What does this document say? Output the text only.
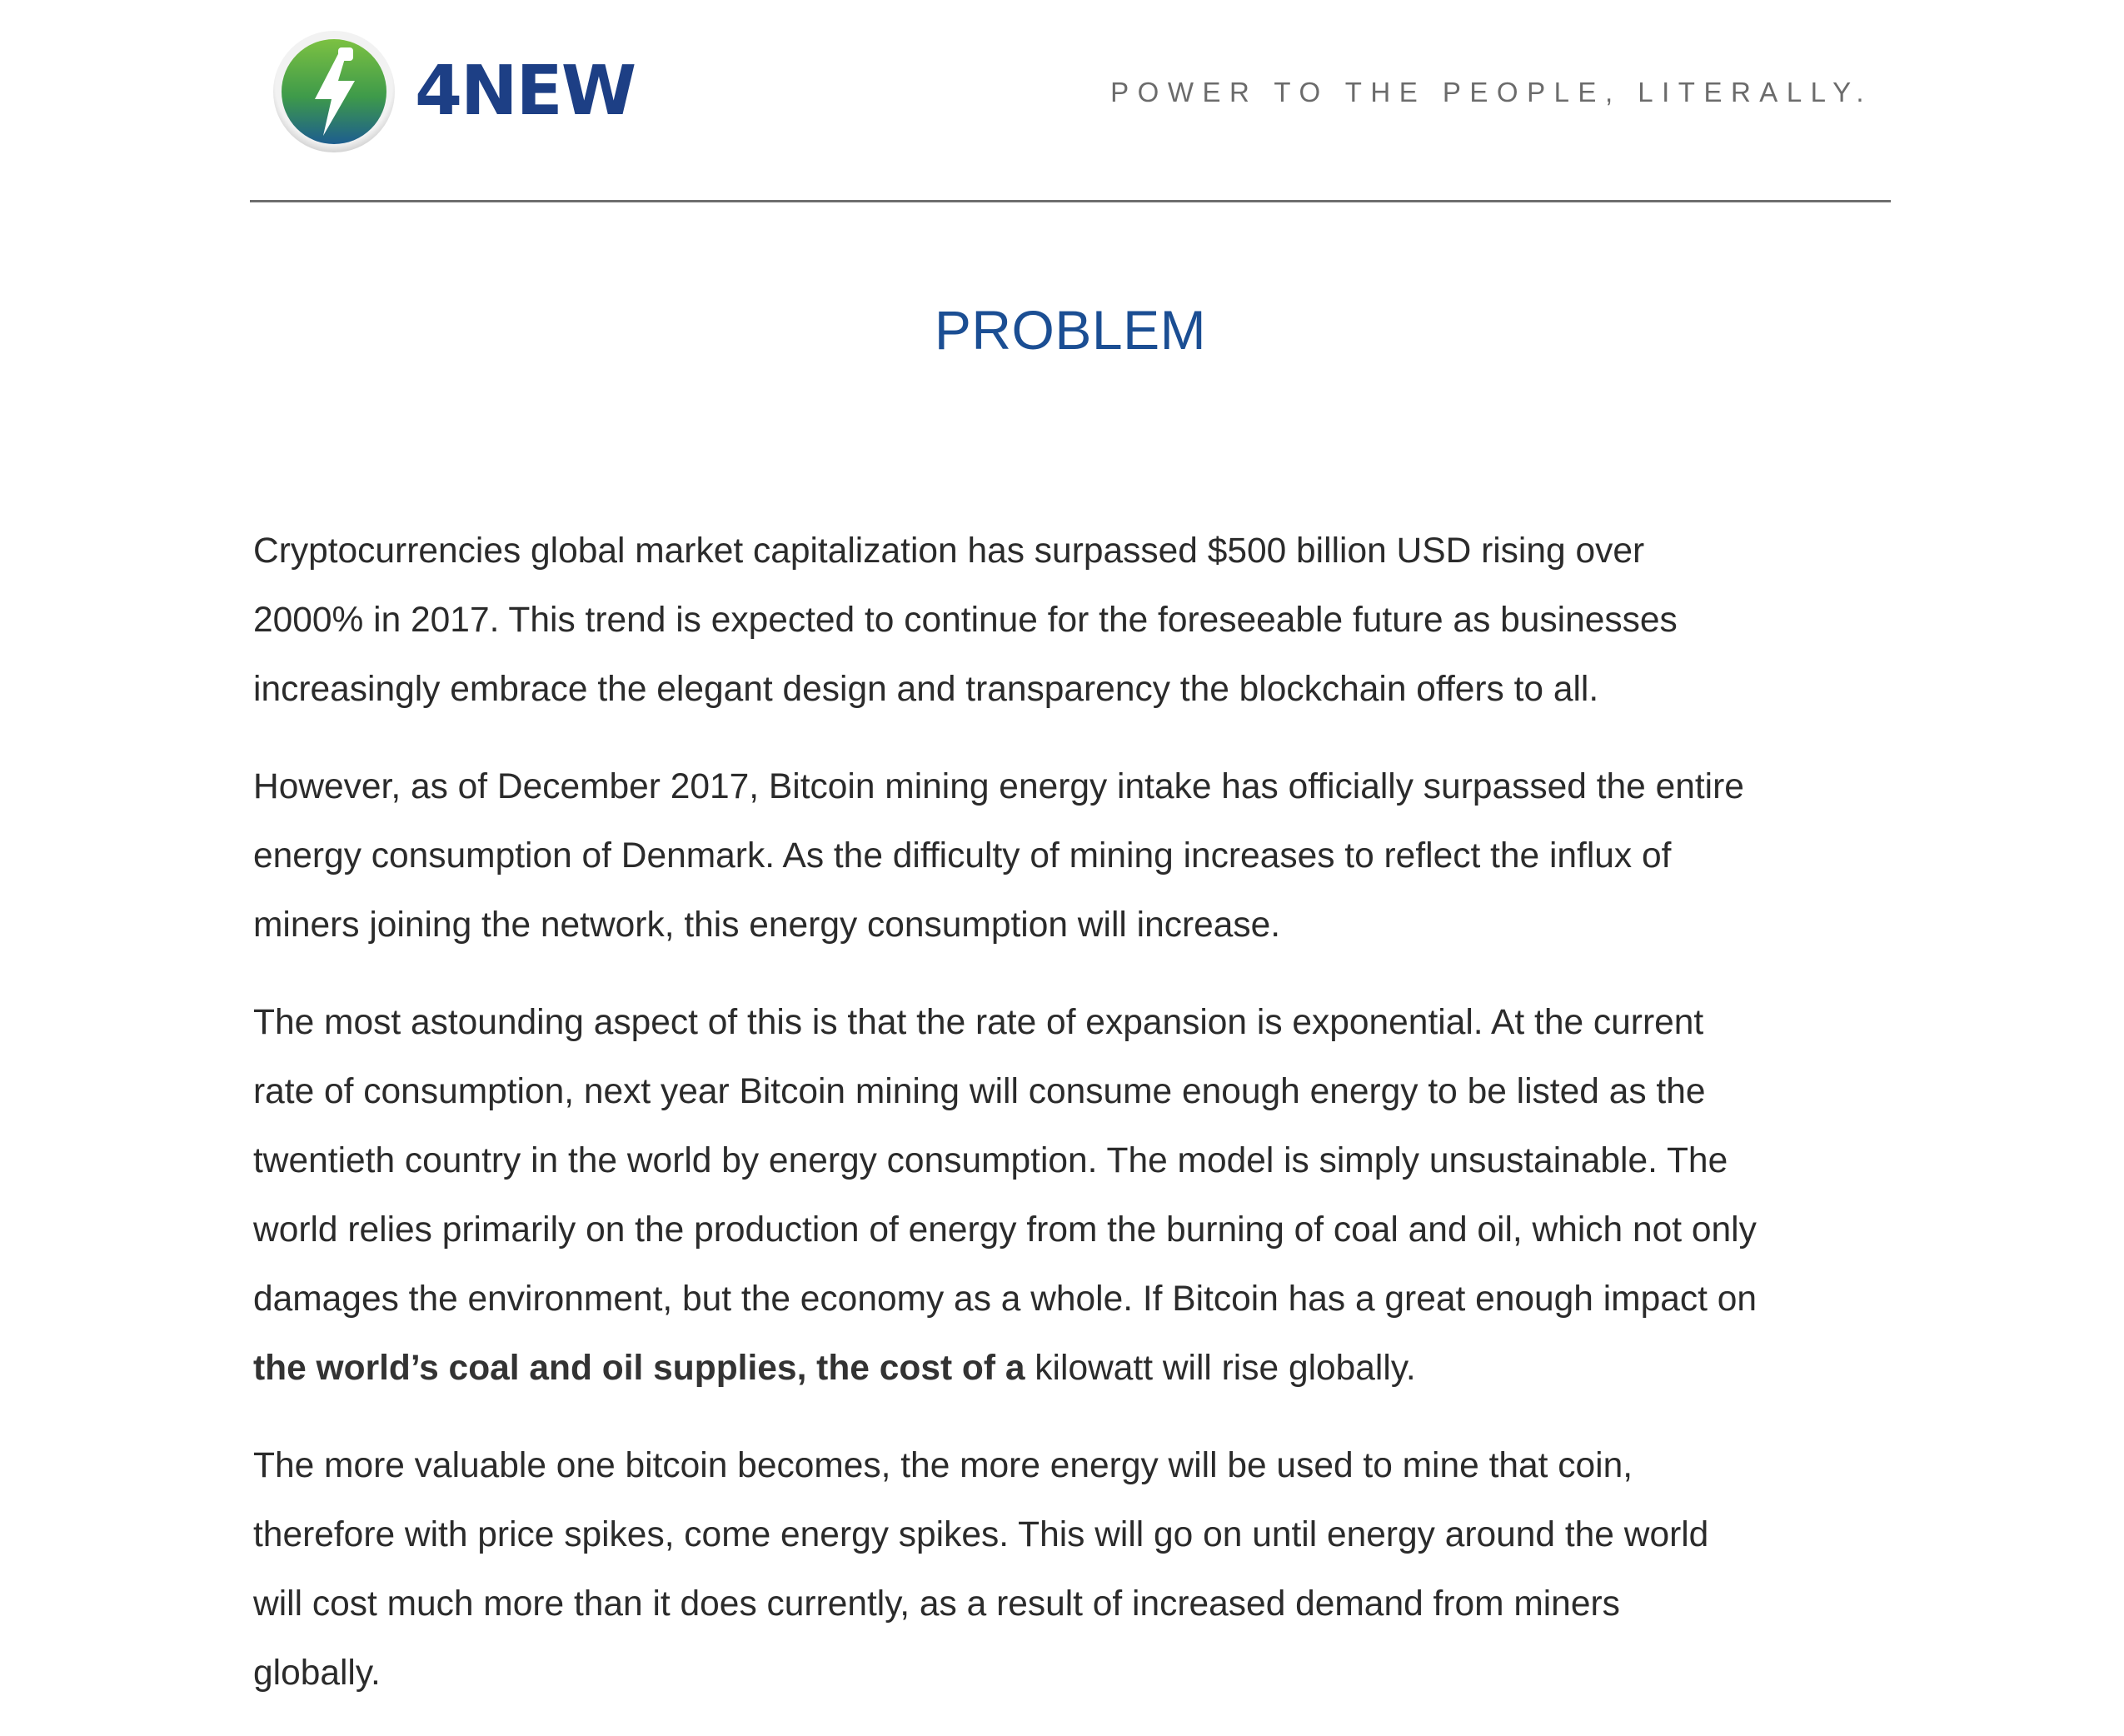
4NEW	POWER TO THE PEOPLE, LITERALLY.
PROBLEM

Cryptocurrencies global market capitalization has surpassed $500 billion USD rising over
2000% in 2017. This trend is expected to continue for the foreseeable future as businesses
increasingly embrace the elegant design and transparency the blockchain offers to all.

However, as of December 2017, Bitcoin mining energy intake has officially surpassed the entire
energy consumption of Denmark. As the difficulty of mining increases to reflect the influx of
miners joining the network, this energy consumption will increase.

The most astounding aspect of this is that the rate of expansion is exponential. At the current
rate of consumption, next year Bitcoin mining will consume enough energy to be listed as the
twentieth country in the world by energy consumption. The model is simply unsustainable. The
world relies primarily on the production of energy from the burning of coal and oil, which not only
damages the environment, but the economy as a whole. If Bitcoin has a great enough impact on
the world’s coal and oil supplies, the cost of a kilowatt will rise globally.

The more valuable one bitcoin becomes, the more energy will be used to mine that coin,
therefore with price spikes, come energy spikes. This will go on until energy around the world
will cost much more than it does currently, as a result of increased demand from miners
globally.
